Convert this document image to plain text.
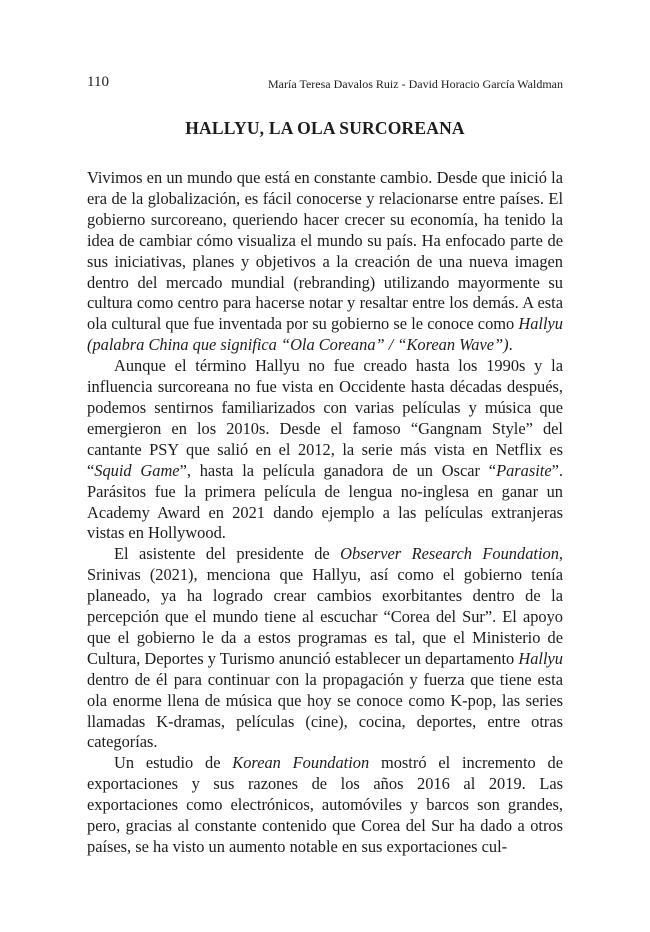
110	María Teresa Davalos Ruiz - David Horacio García Waldman
HALLYU, LA OLA SURCOREANA

Vivimos en un mundo que está en constante cambio. Desde que inició la era de la globalización, es fácil conocerse y relacionarse entre países. El gobierno surcoreano, queriendo hacer crecer su economía, ha tenido la idea de cambiar cómo visualiza el mundo su país. Ha enfocado parte de sus iniciativas, planes y objetivos a la creación de una nueva imagen dentro del mercado mundial (rebranding) utilizando mayormente su cultura como centro para hacerse notar y resaltar entre los demás. A esta ola cultural que fue inventada por su gobierno se le conoce como Hallyu (palabra China que significa “Ola Coreana” / “Korean Wave”).

Aunque el término Hallyu no fue creado hasta los 1990s y la influencia surcoreana no fue vista en Occidente hasta décadas después, podemos sentirnos familiarizados con varias películas y música que emergieron en los 2010s. Desde el famoso “Gangnam Style” del cantante PSY que salió en el 2012, la serie más vista en Netflix es “Squid Game”, hasta la película ganadora de un Oscar “Parasite”. Parásitos fue la primera película de lengua no-inglesa en ganar un Academy Award en 2021 dando ejemplo a las películas extranjeras vistas en Hollywood.

El asistente del presidente de Observer Research Foundation, Srinivas (2021), menciona que Hallyu, así como el gobierno tenía planeado, ya ha logrado crear cambios exorbitantes dentro de la percepción que el mundo tiene al escuchar “Corea del Sur”. El apoyo que el gobierno le da a estos programas es tal, que el Ministerio de Cultura, Deportes y Turismo anunció establecer un departamento Hallyu dentro de él para continuar con la propagación y fuerza que tiene esta ola enorme llena de música que hoy se conoce como K-pop, las series llamadas K-dramas, películas (cine), cocina, deportes, entre otras categorías.

Un estudio de Korean Foundation mostró el incremento de exportaciones y sus razones de los años 2016 al 2019. Las exportaciones como electrónicos, automóviles y barcos son grandes, pero, gracias al constante contenido que Corea del Sur ha dado a otros países, se ha visto un aumento notable en sus exportaciones cul-
